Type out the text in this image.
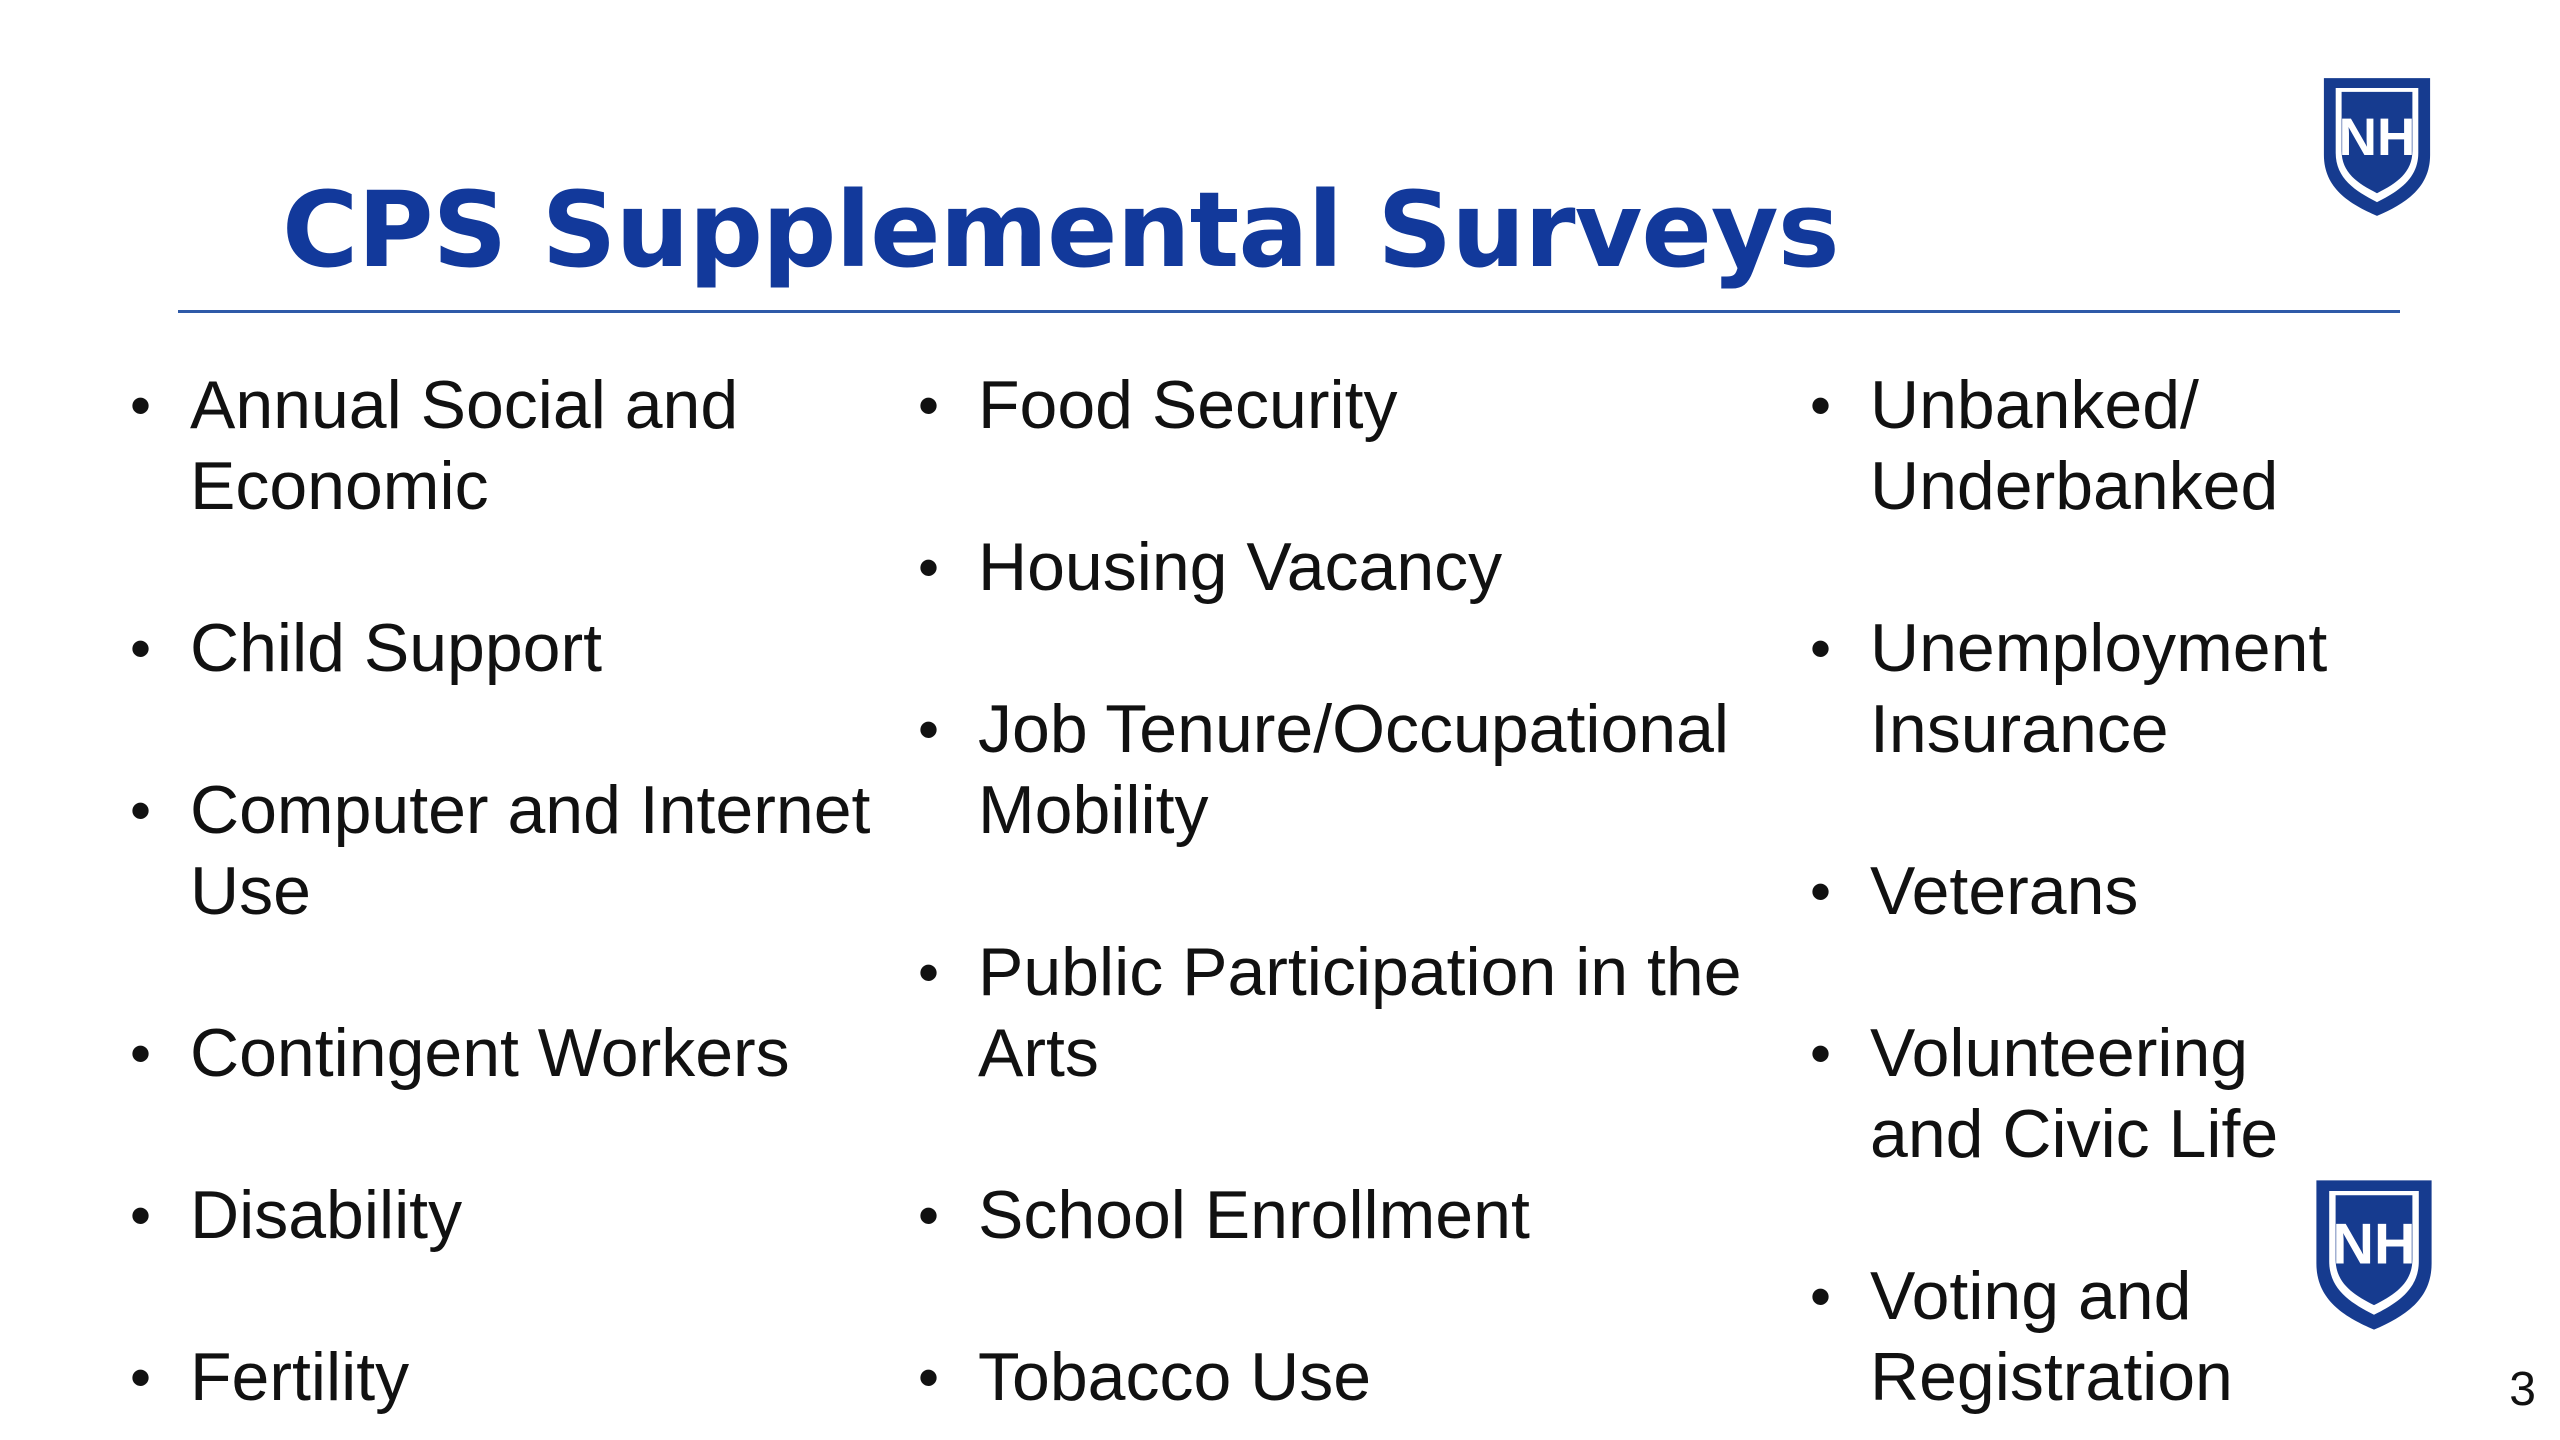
CPS Supplemental Surveys
NH
• Annual Social and Economic
• Child Support
• Computer and Internet Use
• Contingent Workers
• Disability
• Fertility
• Food Security
• Housing Vacancy
• Job Tenure/Occupational Mobility
• Public Participation in the Arts
• School Enrollment
• Tobacco Use
• Unbanked/ Underbanked
• Unemployment Insurance
• Veterans
• Volunteering and Civic Life
• Voting and Registration
NH
3
